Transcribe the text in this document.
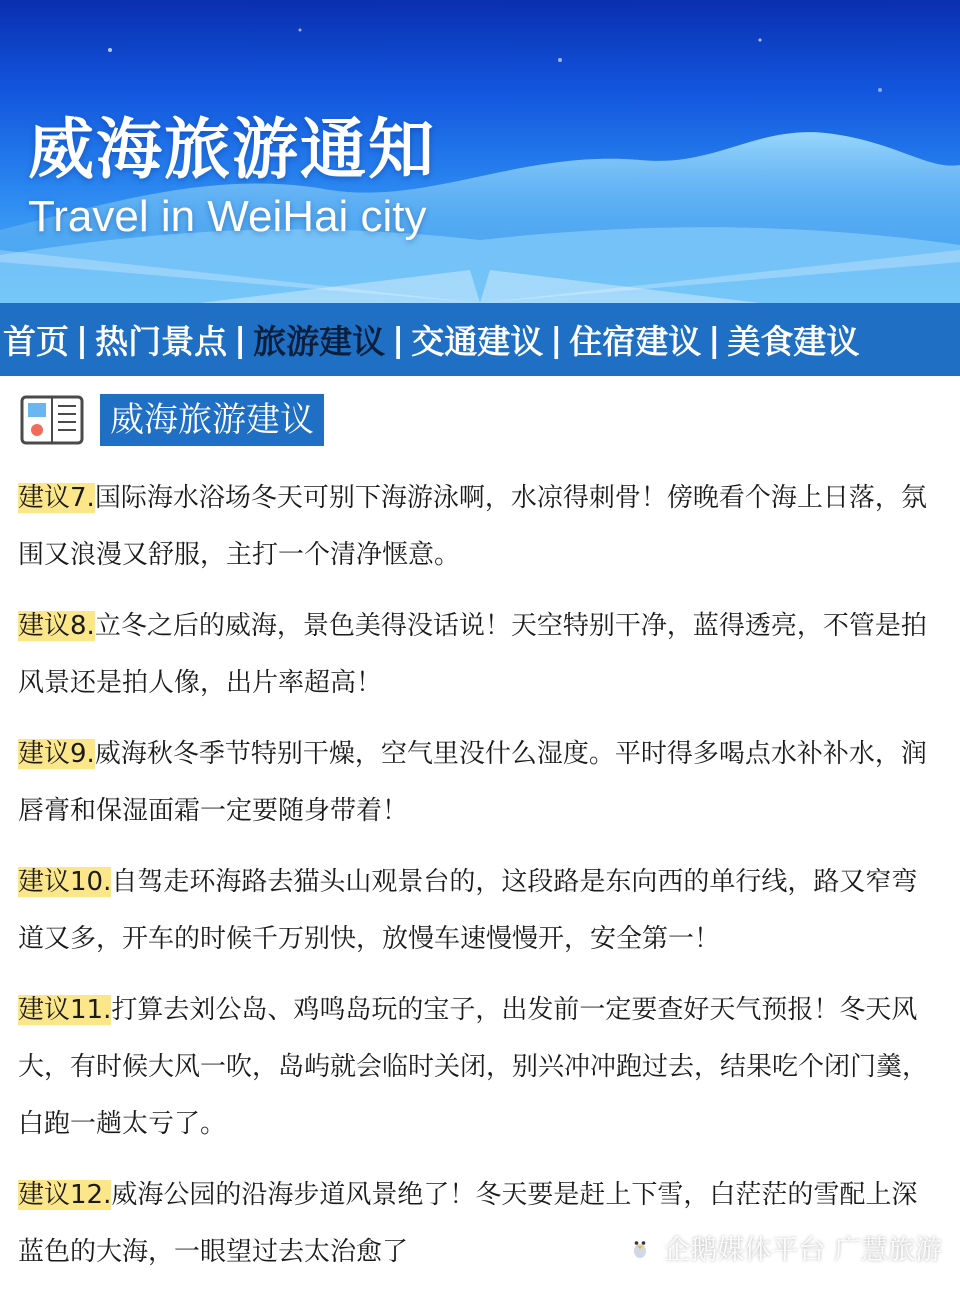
威海旅游通知

Travel in WeiHai city

首页 | 热门景点 | 旅游建议 | 交通建议 | 住宿建议 | 美食建议
威海旅游建议

建议7.国际海水浴场冬天可别下海游泳啊，水凉得刺骨！傍晚看个海上日落，氛围又浪漫又舒服，主打一个清净惬意。

建议8.立冬之后的威海，景色美得没话说！天空特别干净，蓝得透亮，不管是拍风景还是拍人像，出片率超高！

建议9.威海秋冬季节特别干燥，空气里没什么湿度。平时得多喝点水补补水，润唇膏和保湿面霜一定要随身带着！

建议10.自驾走环海路去猫头山观景台的，这段路是东向西的单行线，路又窄弯道又多，开车的时候千万别快，放慢车速慢慢开，安全第一！

建议11.打算去刘公岛、鸡鸣岛玩的宝子，出发前一定要查好天气预报！冬天风大，有时候大风一吹，岛屿就会临时关闭，别兴冲冲跑过去，结果吃个闭门羹，白跑一趟太亏了。

建议12.威海公园的沿海步道风景绝了！冬天要是赶上下雪，白茫茫的雪配上深蓝色的大海，一眼望过去太治愈了	企鹅媒体平台 广慧旅游
